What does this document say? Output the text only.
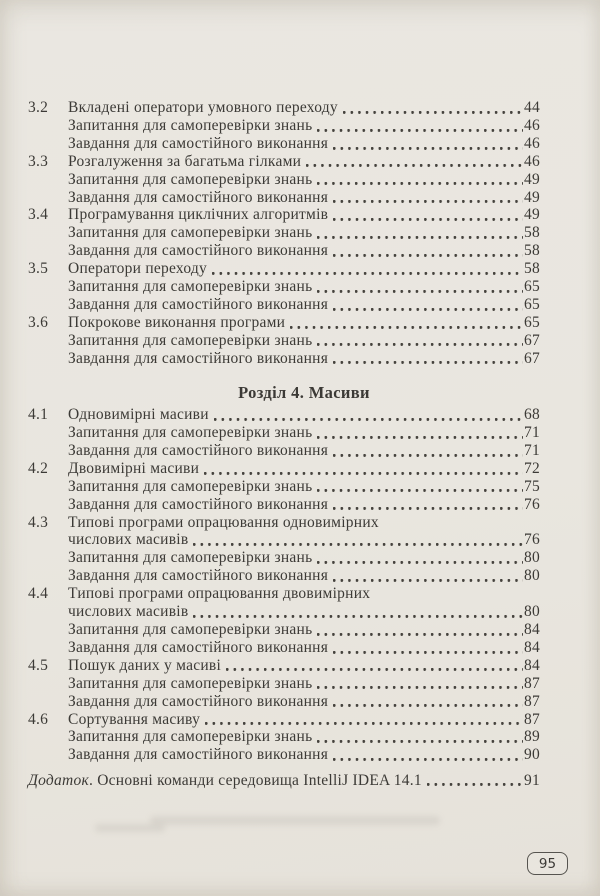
3.2	Вкладені оператори умовного переходу	44
Запитання для самоперевірки знань	46
Завдання для самостійного виконання	46
3.3	Розгалуження за багатьма гілками	46
Запитання для самоперевірки знань	49
Завдання для самостійного виконання	49
3.4	Програмування циклічних алгоритмів	49
Запитання для самоперевірки знань	58
Завдання для самостійного виконання	58
3.5	Оператори переходу	58
Запитання для самоперевірки знань	65
Завдання для самостійного виконання	65
3.6	Покрокове виконання програми	65
Запитання для самоперевірки знань	67
Завдання для самостійного виконання	67
Розділ 4. Масиви
4.1	Одновимірні масиви	68
Запитання для самоперевірки знань	71
Завдання для самостійного виконання	71
4.2	Двовимірні масиви	72
Запитання для самоперевірки знань	75
Завдання для самостійного виконання	76
4.3	Типові програми опрацювання одновимірних
числових масивів	76
Запитання для самоперевірки знань	80
Завдання для самостійного виконання	80
4.4	Типові програми опрацювання двовимірних
числових масивів	80
Запитання для самоперевірки знань	84
Завдання для самостійного виконання	84
4.5	Пошук даних у масиві	84
Запитання для самоперевірки знань	87
Завдання для самостійного виконання	87
4.6	Сортування масиву	87
Запитання для самоперевірки знань	89
Завдання для самостійного виконання	90
Додаток . Основні команди середовища IntelliJ IDEA 14.1	91
95
